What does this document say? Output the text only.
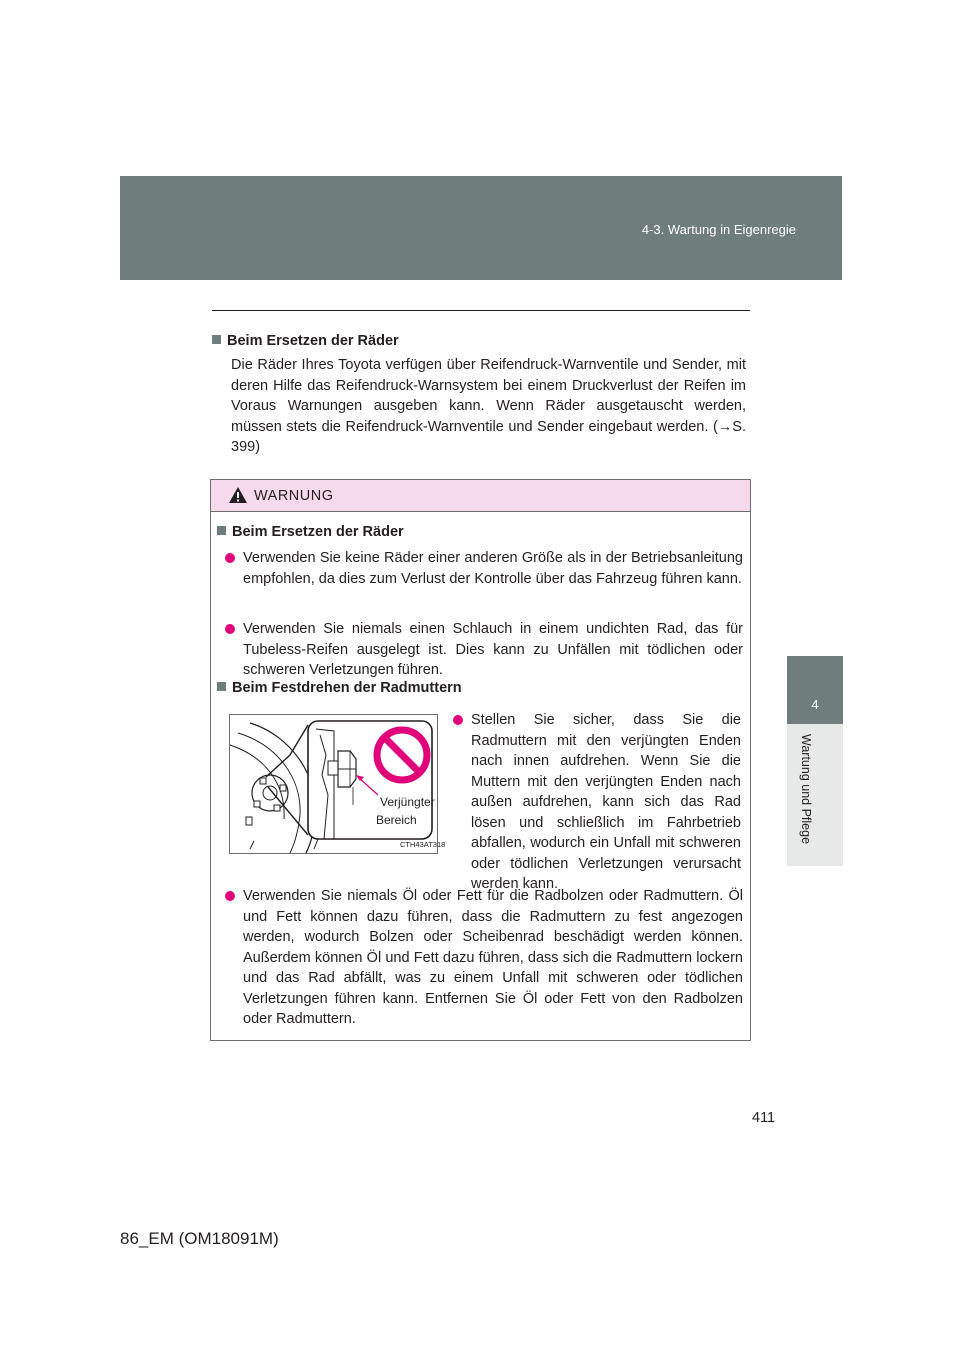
4-3. Wartung in Eigenregie
4
Wartung und Pflege
Beim Ersetzen der Räder

Die Räder Ihres Toyota verfügen über Reifendruck-Warnventile und Sender, mit deren Hilfe das Reifendruck-Warnsystem bei einem Druckverlust der Reifen im Voraus Warnungen ausgeben kann. Wenn Räder ausgetauscht werden, müssen stets die Reifendruck-Warnventile und Sender eingebaut werden. (→S. 399)

WARNUNG
Beim Ersetzen der Räder
Verwenden Sie keine Räder einer anderen Größe als in der Betriebsanleitung empfohlen, da dies zum Verlust der Kontrolle über das Fahrzeug führen kann.
Verwenden Sie niemals einen Schlauch in einem undichten Rad, das für Tubeless-Reifen ausgelegt ist. Dies kann zu Unfällen mit tödlichen oder schweren Verletzungen führen.
Beim Festdrehen der Radmuttern
Verjüngter
Bereich
CTH43AT318
Stellen Sie sicher, dass Sie die Radmuttern mit den verjüngten Enden nach innen aufdrehen. Wenn Sie die Muttern mit den verjüngten Enden nach außen aufdrehen, kann sich das Rad lösen und schließlich im Fahrbetrieb abfallen, wodurch ein Unfall mit schweren oder tödlichen Verletzungen verursacht werden kann.
Verwenden Sie niemals Öl oder Fett für die Radbolzen oder Radmuttern. Öl und Fett können dazu führen, dass die Radmuttern zu fest angezogen werden, wodurch Bolzen oder Scheibenrad beschädigt werden können. Außerdem können Öl und Fett dazu führen, dass sich die Radmuttern lockern und das Rad abfällt, was zu einem Unfall mit schweren oder tödlichen Verletzungen führen kann. Entfernen Sie Öl oder Fett von den Radbolzen oder Radmuttern.
411
86_EM (OM18091M)
